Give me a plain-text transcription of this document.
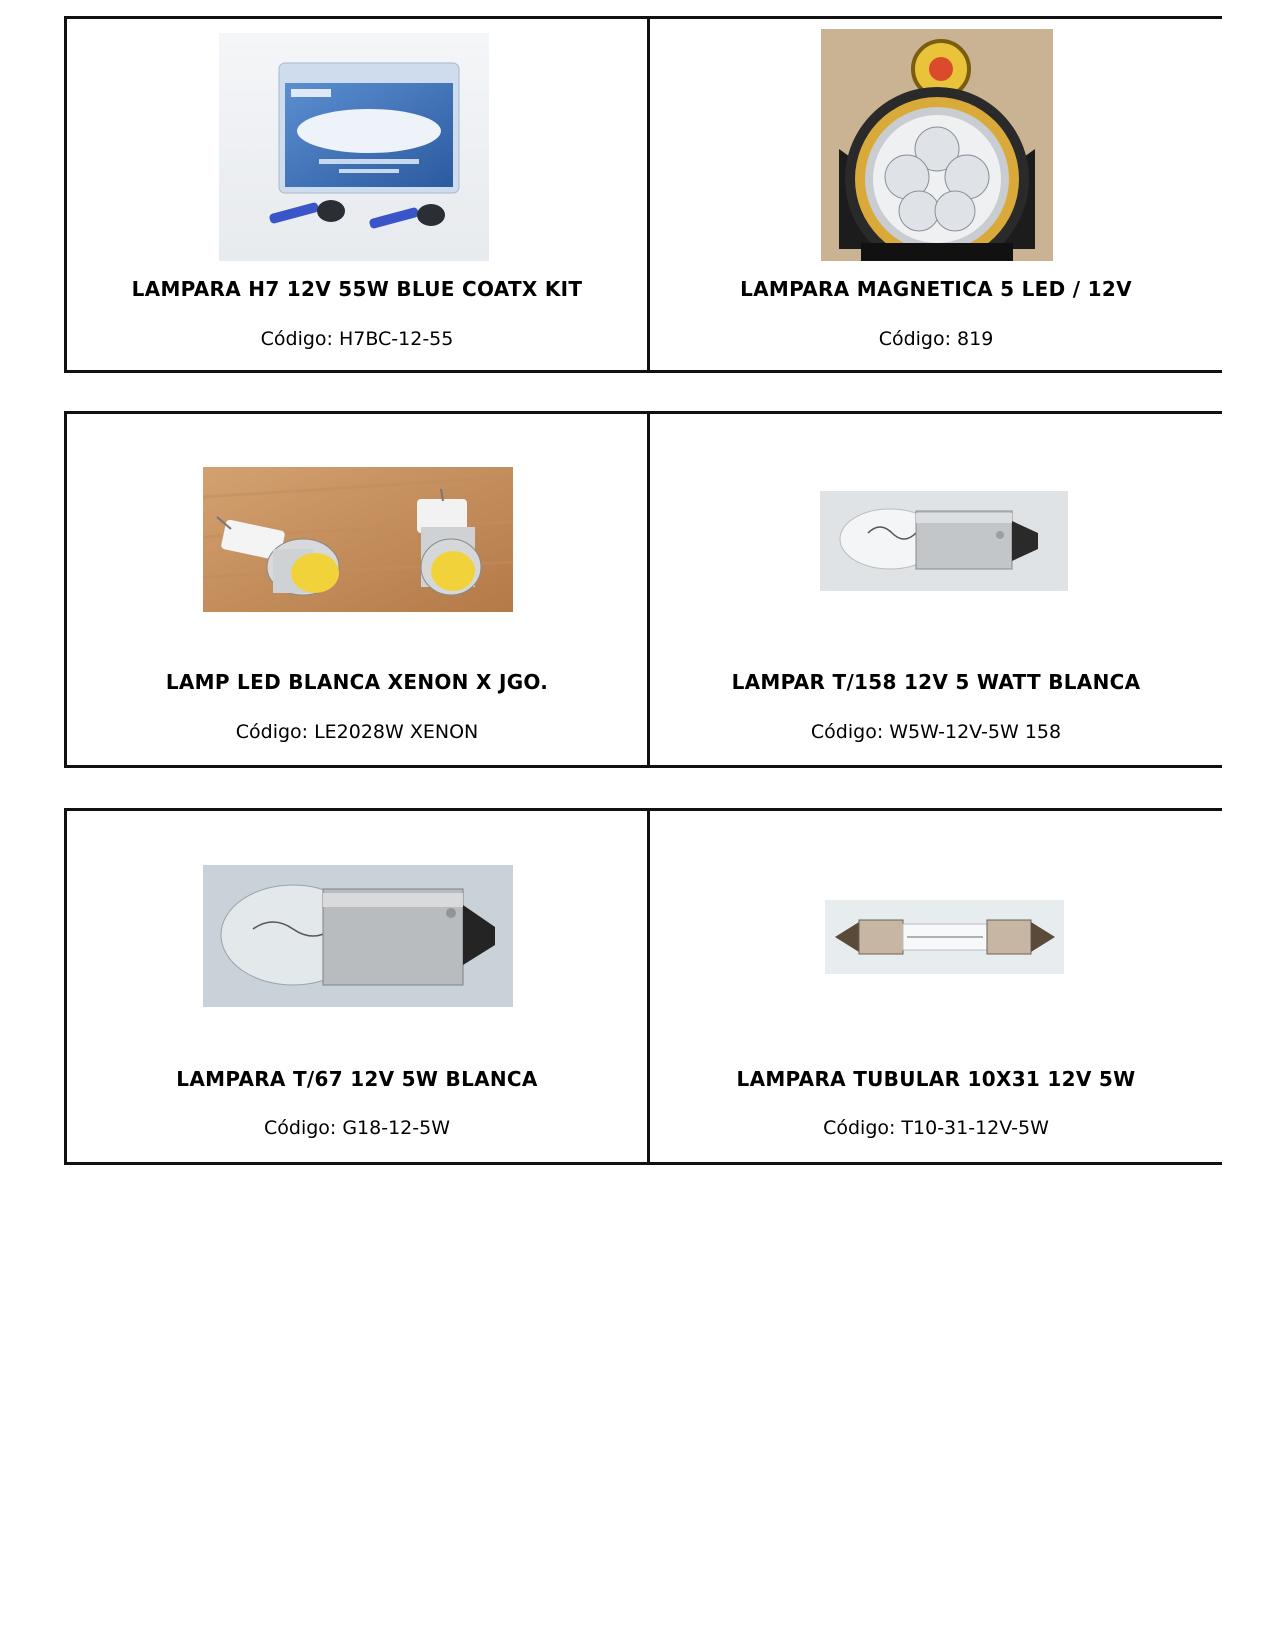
LAMPARA H7 12V 55W BLUE COATX KIT
Código: H7BC-12-55
LAMPARA MAGNETICA 5 LED / 12V
Código: 819
LAMP LED BLANCA XENON X JGO.
Código: LE2028W XENON
LAMPAR T/158 12V 5 WATT BLANCA
Código: W5W-12V-5W 158
LAMPARA T/67 12V 5W BLANCA
Código: G18-12-5W
LAMPARA TUBULAR 10X31 12V 5W
Código: T10-31-12V-5W
